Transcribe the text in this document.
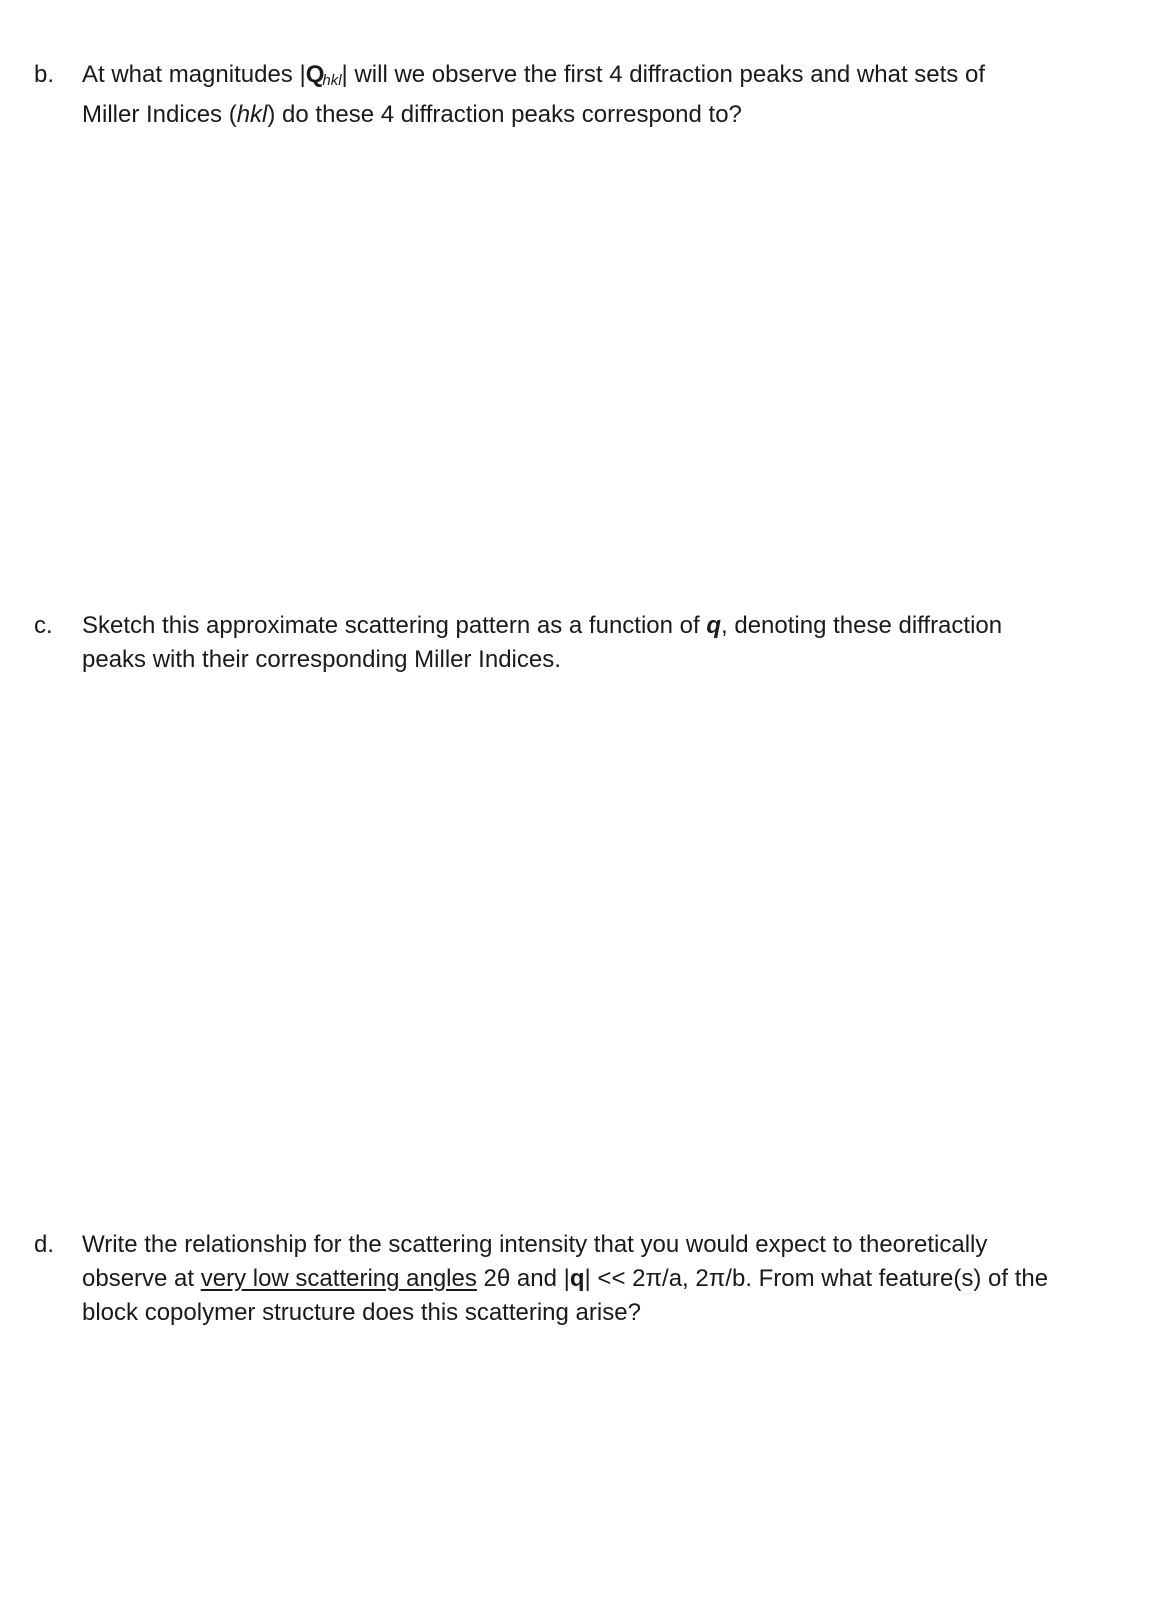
b. At what magnitudes $|Q_{hkl}|$ will we observe the first 4 diffraction peaks and what sets of
Miller Indices (hkl) do these 4 diffraction peaks correspond to?
c. Sketch this approximate scattering pattern as a function of q, denoting these diffraction
peaks with their corresponding Miller Indices.
d. Write the relationship for the scattering intensity that you would expect to theoretically
observe at very low scattering angles 2θ and |q| << 2π/a, 2π/b. From what feature(s) of the
block copolymer structure does this scattering arise?
